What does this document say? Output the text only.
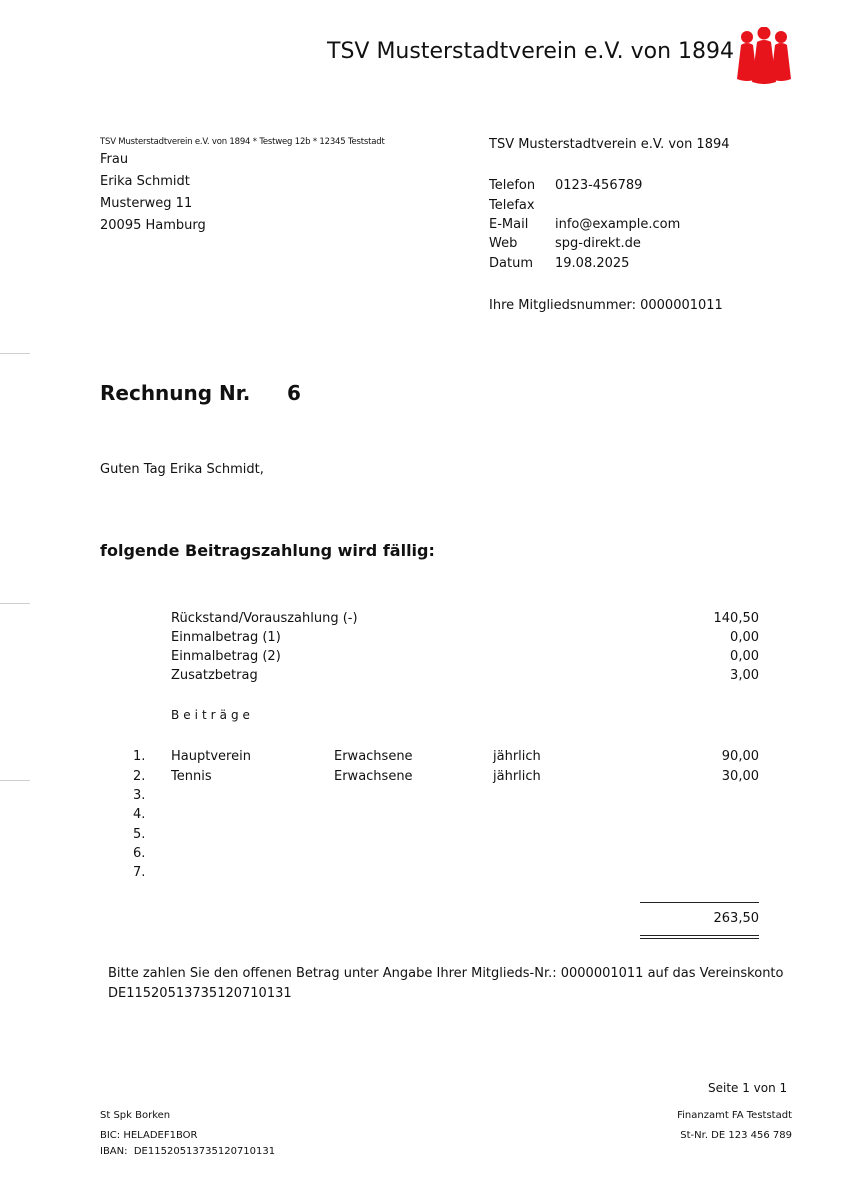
TSV Musterstadtverein e.V. von 1894
TSV Musterstadtverein e.V. von 1894 * Testweg 12b * 12345 Teststadt
Frau
Erika Schmidt
Musterweg 11
20095 Hamburg
TSV Musterstadtverein e.V. von 1894
Telefon 0123-456789
Telefax
E-Mail info@example.com
Web	spg-direkt.de
Datum 19.08.2025
Ihre Mitgliedsnummer: 0000001011
Rechnung Nr. 6
Guten Tag Erika Schmidt,
folgende Beitragszahlung wird fällig:
Rückstand/Vorauszahlung (-)	140,50
Einmalbetrag (1)	0,00
Einmalbetrag (2)	0,00
Zusatzbetrag	3,00
Beiträge
1. Hauptverein	Erwachsene	jährlich	90,00
2. Tennis	Erwachsene	jährlich	30,00
3.
4.
5.
6.
7.
263,50
Bitte zahlen Sie den offenen Betrag unter Angabe Ihrer Mitglieds-Nr.: 0000001011 auf das Vereinskonto
DE11520513735120710131
Seite 1 von 1
St Spk Borken
BIC: HELADEF1BOR
IBAN:  DE11520513735120710131
Finanzamt FA Teststadt
St-Nr. DE 123 456 789
